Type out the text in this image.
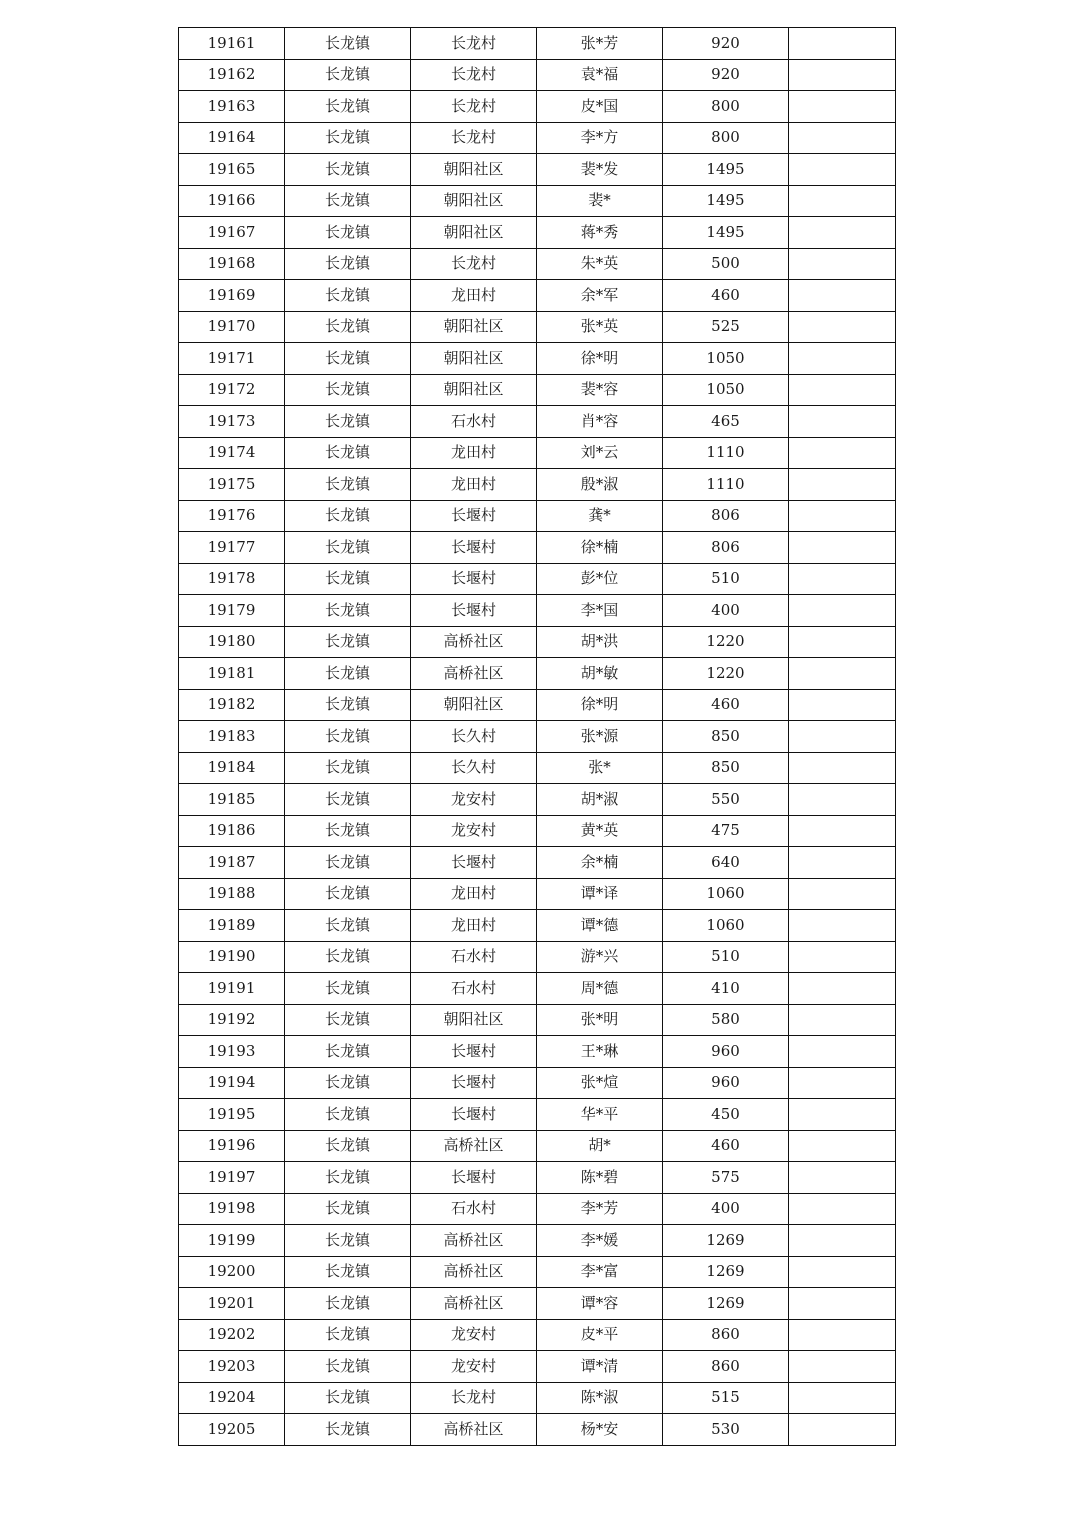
19161	长龙镇	长龙村	张*芳	920	
19162	长龙镇	长龙村	袁*福	920	
19163	长龙镇	长龙村	皮*国	800	
19164	长龙镇	长龙村	李*方	800	
19165	长龙镇	朝阳社区	裴*发	1495	
19166	长龙镇	朝阳社区	裴*	1495	
19167	长龙镇	朝阳社区	蒋*秀	1495	
19168	长龙镇	长龙村	朱*英	500	
19169	长龙镇	龙田村	余*军	460	
19170	长龙镇	朝阳社区	张*英	525	
19171	长龙镇	朝阳社区	徐*明	1050	
19172	长龙镇	朝阳社区	裴*容	1050	
19173	长龙镇	石水村	肖*容	465	
19174	长龙镇	龙田村	刘*云	1110	
19175	长龙镇	龙田村	殷*淑	1110	
19176	长龙镇	长堰村	龚*	806	
19177	长龙镇	长堰村	徐*楠	806	
19178	长龙镇	长堰村	彭*位	510	
19179	长龙镇	长堰村	李*国	400	
19180	长龙镇	高桥社区	胡*洪	1220	
19181	长龙镇	高桥社区	胡*敏	1220	
19182	长龙镇	朝阳社区	徐*明	460	
19183	长龙镇	长久村	张*源	850	
19184	长龙镇	长久村	张*	850	
19185	长龙镇	龙安村	胡*淑	550	
19186	长龙镇	龙安村	黄*英	475	
19187	长龙镇	长堰村	余*楠	640	
19188	长龙镇	龙田村	谭*译	1060	
19189	长龙镇	龙田村	谭*德	1060	
19190	长龙镇	石水村	游*兴	510	
19191	长龙镇	石水村	周*德	410	
19192	长龙镇	朝阳社区	张*明	580	
19193	长龙镇	长堰村	王*琳	960	
19194	长龙镇	长堰村	张*煊	960	
19195	长龙镇	长堰村	华*平	450	
19196	长龙镇	高桥社区	胡*	460	
19197	长龙镇	长堰村	陈*碧	575	
19198	长龙镇	石水村	李*芳	400	
19199	长龙镇	高桥社区	李*媛	1269	
19200	长龙镇	高桥社区	李*富	1269	
19201	长龙镇	高桥社区	谭*容	1269	
19202	长龙镇	龙安村	皮*平	860	
19203	长龙镇	龙安村	谭*清	860	
19204	长龙镇	长龙村	陈*淑	515	
19205	长龙镇	高桥社区	杨*安	530	
